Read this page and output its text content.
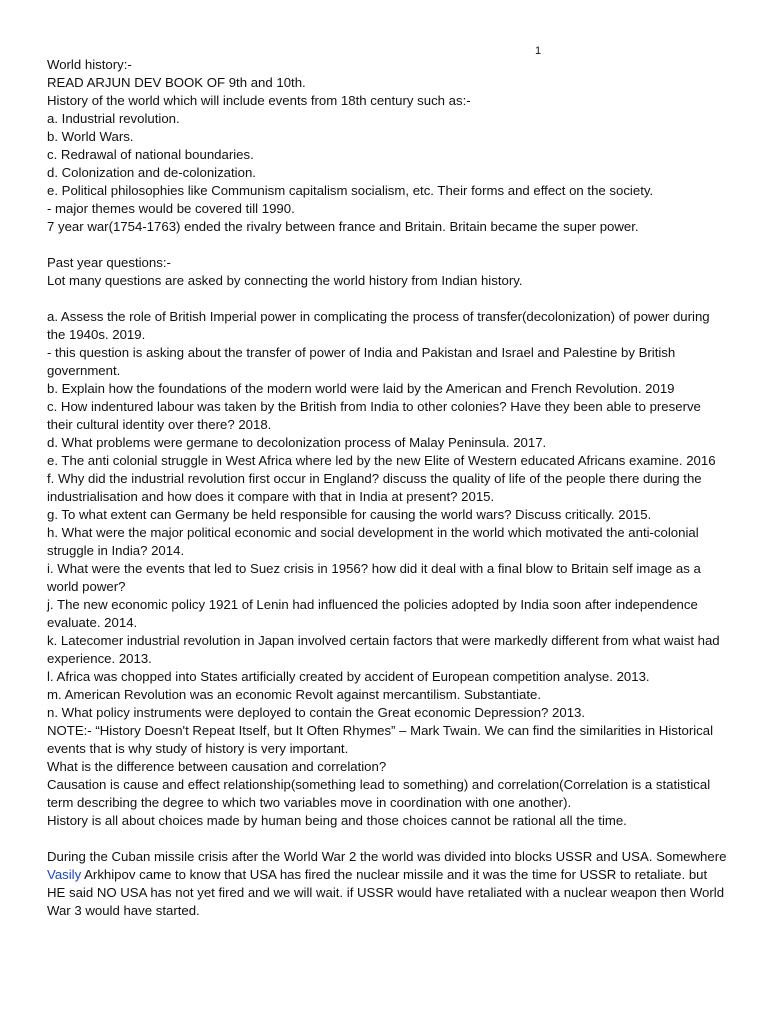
1

World history:-

READ ARJUN DEV BOOK OF 9th and 10th.

History of the world which will include events from 18th century such as:-

a. Industrial revolution.

b. World Wars.

c. Redrawal of national boundaries.

d. Colonization and de-colonization.

e. Political philosophies like Communism capitalism socialism, etc. Their forms and effect on the society.

- major themes would be covered till 1990.

7 year war(1754-1763) ended the rivalry between france and Britain. Britain became the super power.

Past year questions:-

Lot many questions are asked by connecting the world history from Indian history.

a. Assess the role of British Imperial power in complicating the process of transfer(decolonization) of power during the 1940s. 2019.

- this question is asking about the transfer of power of India and Pakistan and Israel and Palestine by British government.

b. Explain how the foundations of the modern world were laid by the American and French Revolution. 2019

c. How indentured labour was taken by the British from India to other colonies? Have they been able to preserve their cultural identity over there? 2018.

d. What problems were germane to decolonization process of Malay Peninsula. 2017.

e. The anti colonial struggle in West Africa where led by the new Elite of Western educated Africans examine. 2016

f. Why did the industrial revolution first occur in England? discuss the quality of life of the people there during the industrialisation and how does it compare with that in India at present? 2015.

g. To what extent can Germany be held responsible for causing the world wars? Discuss critically. 2015.

h. What were the major political economic and social development in the world which motivated the anti-colonial struggle in India? 2014.

i. What were the events that led to Suez crisis in 1956? how did it deal with a final blow to Britain self image as a world power?

j. The new economic policy 1921 of Lenin had influenced the policies adopted by India soon after independence evaluate. 2014.

k. Latecomer industrial revolution in Japan involved certain factors that were markedly different from what waist had experience. 2013.

l. Africa was chopped into States artificially created by accident of European competition analyse. 2013.

m. American Revolution was an economic Revolt against mercantilism. Substantiate.

n. What policy instruments were deployed to contain the Great economic Depression? 2013.

NOTE:- “History Doesn't Repeat Itself, but It Often Rhymes” – Mark Twain. We can find the similarities in Historical events that is why study of history is very important.

What is the difference between causation and correlation?

Causation is cause and effect relationship(something lead to something) and correlation(Correlation is a statistical term describing the degree to which two variables move in coordination with one another).

History is all about choices made by human being and those choices cannot be rational all the time.

During the Cuban missile crisis after the World War 2 the world was divided into blocks USSR and USA. Somewhere Vasily Arkhipov came to know that USA has fired the nuclear missile and it was the time for USSR to retaliate. but HE said NO USA has not yet fired and we will wait. if USSR would have retaliated with a nuclear weapon then World War 3 would have started.
